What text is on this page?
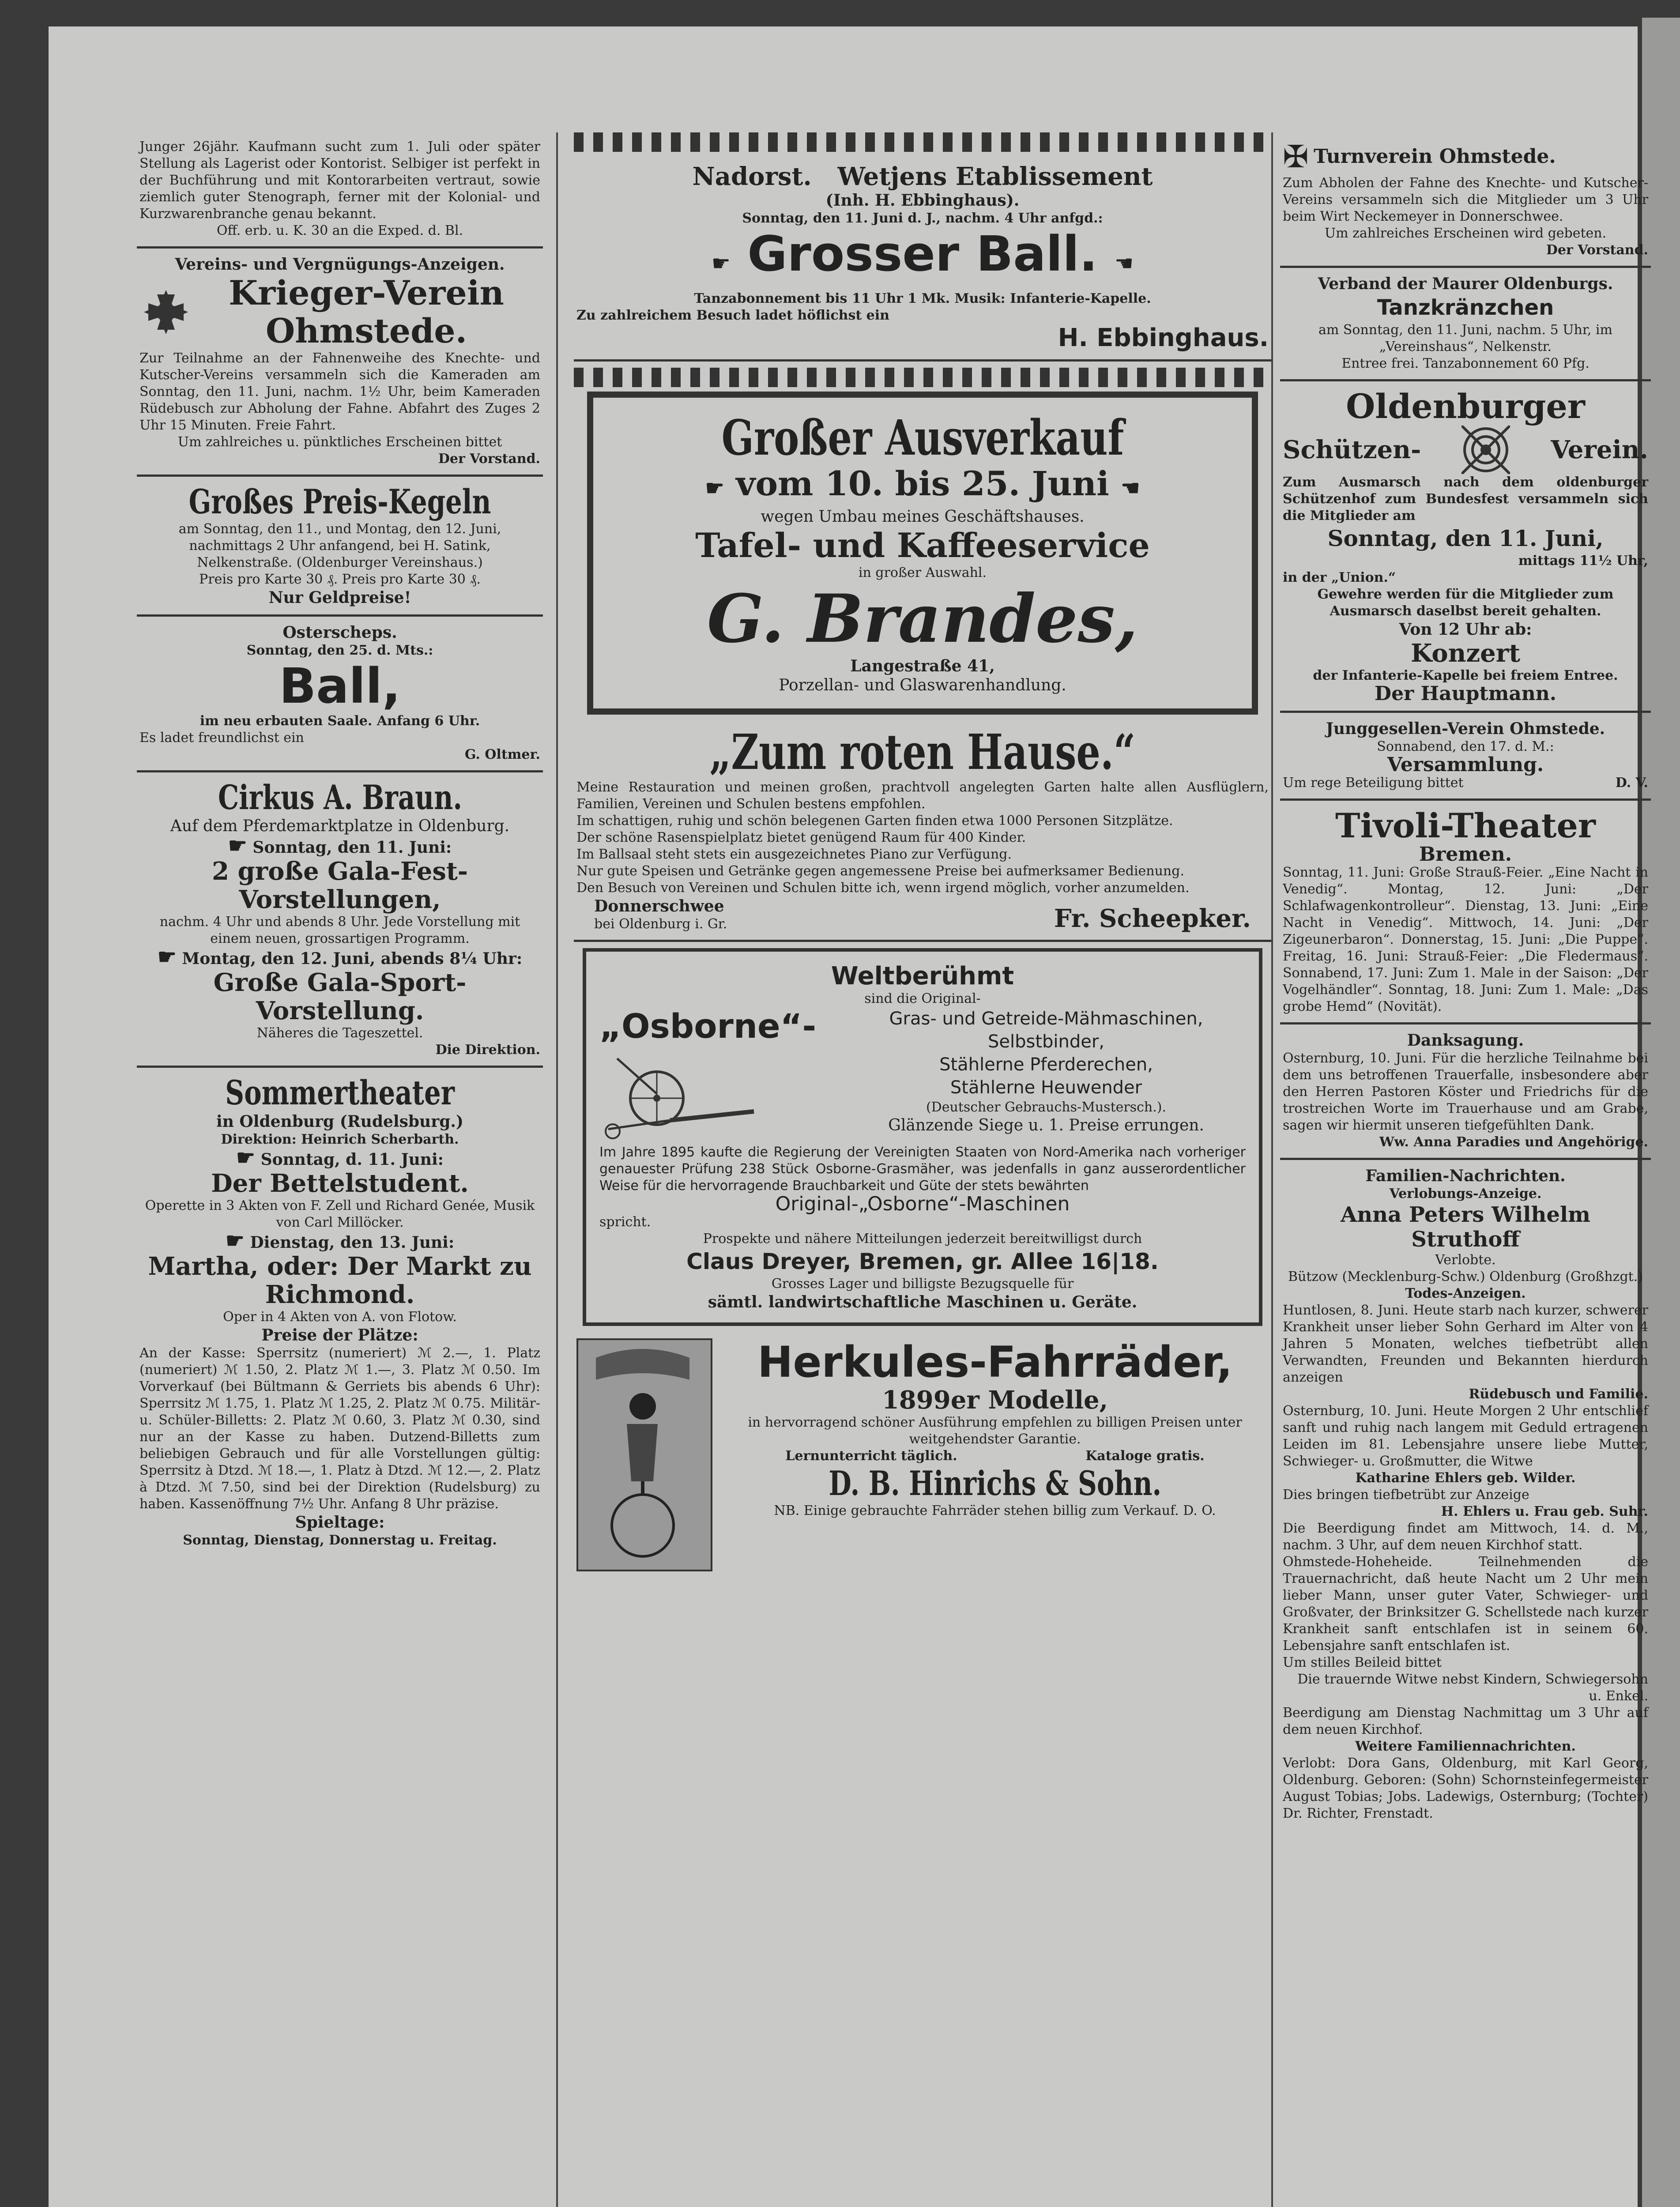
Junger 26jähr. Kaufmann sucht zum 1. Juli oder später Stellung als Lagerist oder Kontorist. Selbiger ist perfekt in der Buchführung und mit Kontorarbeiten vertraut, sowie ziemlich guter Stenograph, ferner mit der Kolonial- und Kurzwarenbranche genau bekannt.
Off. erb. u. K. 30 an die Exped. d. Bl.
Vereins- und Vergnügungs-Anzeigen.
Krieger-Verein Ohmstede.
Zur Teilnahme an der Fahnenweihe des Knechte- und Kutscher-Vereins versammeln sich die Kameraden am Sonntag, den 11. Juni, nachm. 1½ Uhr, beim Kameraden Rüdebusch zur Abholung der Fahne. Abfahrt des Zuges 2 Uhr 15 Minuten. Freie Fahrt.
Um zahlreiches u. pünktliches Erscheinen bittet
Der Vorstand.
Großes Preis-Kegeln
am Sonntag, den 11., und Montag, den 12. Juni, nachmittags 2 Uhr anfangend, bei H. Satink, Nelkenstraße. (Oldenburger Vereinshaus.)
Preis pro Karte 30 ₰. Preis pro Karte 30 ₰.
Nur Geldpreise!
Osterscheps.
Sonntag, den 25. d. Mts.:
Ball,
im neu erbauten Saale. Anfang 6 Uhr.
Es ladet freundlichst ein
G. Oltmer.
Cirkus A. Braun.
Auf dem Pferdemarktplatze in Oldenburg.
☛ Sonntag, den 11. Juni:
2 große Gala-Fest-Vorstellungen,
nachm. 4 Uhr und abends 8 Uhr. Jede Vorstellung mit einem neuen, grossartigen Programm.
☛ Montag, den 12. Juni, abends 8¼ Uhr:
Große Gala-Sport-Vorstellung.
Näheres die Tageszettel.
Die Direktion.
Sommertheater
in Oldenburg (Rudelsburg.)
Direktion: Heinrich Scherbarth.
☛ Sonntag, d. 11. Juni:
Der Bettelstudent.
Operette in 3 Akten von F. Zell und Richard Genée, Musik von Carl Millöcker.
☛ Dienstag, den 13. Juni:
Martha, oder: Der Markt zu Richmond.
Oper in 4 Akten von A. von Flotow.
Preise der Plätze:
An der Kasse: Sperrsitz (numeriert) ℳ 2.—, 1. Platz (numeriert) ℳ 1.50, 2. Platz ℳ 1.—, 3. Platz ℳ 0.50. Im Vorverkauf (bei Bültmann & Gerriets bis abends 6 Uhr): Sperrsitz ℳ 1.75, 1. Platz ℳ 1.25, 2. Platz ℳ 0.75. Militär- u. Schüler-Billetts: 2. Platz ℳ 0.60, 3. Platz ℳ 0.30, sind nur an der Kasse zu haben. Dutzend-Billetts zum beliebigen Gebrauch und für alle Vorstellungen gültig: Sperrsitz à Dtzd. ℳ 18.—, 1. Platz à Dtzd. ℳ 12.—, 2. Platz à Dtzd. ℳ 7.50, sind bei der Direktion (Rudelsburg) zu haben. Kassenöffnung 7½ Uhr. Anfang 8 Uhr präzise.
Spieltage:
Sonntag, Dienstag, Donnerstag u. Freitag.
Nadorst. Wetjens Etablissement
(Inh. H. Ebbinghaus).
Sonntag, den 11. Juni d. J., nachm. 4 Uhr anfgd.:
☛ Grosser Ball. ☚
Tanzabonnement bis 11 Uhr 1 Mk. Musik: Infanterie-Kapelle.
Zu zahlreichem Besuch ladet höflichst ein
H. Ebbinghaus.
Großer Ausverkauf
☛ vom 10. bis 25. Juni ☚
wegen Umbau meines Geschäftshauses.
Tafel- und Kaffeeservice
in großer Auswahl.
G. Brandes,
Langestraße 41,
Porzellan- und Glaswarenhandlung.
„Zum roten Hause.“
Meine Restauration und meinen großen, prachtvoll angelegten Garten halte allen Ausflüglern, Familien, Vereinen und Schulen bestens empfohlen.
Im schattigen, ruhig und schön belegenen Garten finden etwa 1000 Personen Sitzplätze.
Der schöne Rasenspielplatz bietet genügend Raum für 400 Kinder.
Im Ballsaal steht stets ein ausgezeichnetes Piano zur Verfügung.
Nur gute Speisen und Getränke gegen angemessene Preise bei aufmerksamer Bedienung.
Den Besuch von Vereinen und Schulen bitte ich, wenn irgend möglich, vorher anzumelden.
Donnerschwee
bei Oldenburg i. Gr.	Fr. Scheepker.
Weltberühmt
sind die Original-
„Osborne“-	Gras- und Getreide-Mähmaschinen,
Selbstbinder,
Stählerne Pferderechen,
Stählerne Heuwender
(Deutscher Gebrauchs-Mustersch.).
Glänzende Siege u. 1. Preise errungen.
Im Jahre 1895 kaufte die Regierung der Vereinigten Staaten von Nord-Amerika nach vorheriger genauester Prüfung 238 Stück Osborne-Grasmäher, was jedenfalls in ganz ausserordentlicher Weise für die hervorragende Brauchbarkeit und Güte der stets bewährten
Original-„Osborne“-Maschinen
spricht.
Prospekte und nähere Mitteilungen jederzeit bereitwilligst durch
Claus Dreyer, Bremen, gr. Allee 16|18.
Grosses Lager und billigste Bezugsquelle für
sämtl. landwirtschaftliche Maschinen u. Geräte.
Herkules-Fahrräder,
1899er Modelle,
in hervorragend schöner Ausführung empfehlen zu billigen Preisen unter weitgehendster Garantie.
Lernunterricht täglich.	Kataloge gratis.
D. B. Hinrichs & Sohn.
NB. Einige gebrauchte Fahrräder stehen billig zum Verkauf. D. O.
✠ Turnverein Ohmstede.
Zum Abholen der Fahne des Knechte- und Kutscher-Vereins versammeln sich die Mitglieder um 3 Uhr beim Wirt Neckemeyer in Donnerschwee.
Um zahlreiches Erscheinen wird gebeten.
Der Vorstand.
Verband der Maurer Oldenburgs.
Tanzkränzchen
am Sonntag, den 11. Juni, nachm. 5 Uhr, im „Vereinshaus“, Nelkenstr.
Entree frei. Tanzabonnement 60 Pfg.
Oldenburger
Schützen-	Verein.
Zum Ausmarsch nach dem oldenburger Schützenhof zum Bundesfest versammeln sich die Mitglieder am
Sonntag, den 11. Juni,
mittags 11½ Uhr,
in der „Union.“
Gewehre werden für die Mitglieder zum Ausmarsch daselbst bereit gehalten.
Von 12 Uhr ab:
Konzert
der Infanterie-Kapelle bei freiem Entree.
Der Hauptmann.
Junggesellen-Verein Ohmstede.
Sonnabend, den 17. d. M.:
Versammlung.
Um rege Beteiligung bittet	D. V.
Tivoli-Theater
Bremen.
Sonntag, 11. Juni: Große Strauß-Feier. „Eine Nacht in Venedig“. Montag, 12. Juni: „Der Schlafwagenkontrolleur“. Dienstag, 13. Juni: „Eine Nacht in Venedig“. Mittwoch, 14. Juni: „Der Zigeunerbaron“. Donnerstag, 15. Juni: „Die Puppe“. Freitag, 16. Juni: Strauß-Feier: „Die Fledermaus“. Sonnabend, 17. Juni: Zum 1. Male in der Saison: „Der Vogelhändler“. Sonntag, 18. Juni: Zum 1. Male: „Das grobe Hemd“ (Novität).
Danksagung.
Osternburg, 10. Juni. Für die herzliche Teilnahme bei dem uns betroffenen Trauerfalle, insbesondere aber den Herren Pastoren Köster und Friedrichs für die trostreichen Worte im Trauerhause und am Grabe, sagen wir hiermit unseren tiefgefühlten Dank.
Ww. Anna Paradies und Angehörige.
Familien-Nachrichten.
Verlobungs-Anzeige.
Anna Peters Wilhelm Struthoff
Verlobte.
Bützow (Mecklenburg-Schw.) Oldenburg (Großhzgt.)
Todes-Anzeigen.
Huntlosen, 8. Juni. Heute starb nach kurzer, schwerer Krankheit unser lieber Sohn Gerhard im Alter von 4 Jahren 5 Monaten, welches tiefbetrübt allen Verwandten, Freunden und Bekannten hierdurch anzeigen
Rüdebusch und Familie.
Osternburg, 10. Juni. Heute Morgen 2 Uhr entschlief sanft und ruhig nach langem mit Geduld ertragenen Leiden im 81. Lebensjahre unsere liebe Mutter, Schwieger- u. Großmutter, die Witwe
Katharine Ehlers geb. Wilder.
Dies bringen tiefbetrübt zur Anzeige
H. Ehlers u. Frau geb. Suhr.
Die Beerdigung findet am Mittwoch, 14. d. M., nachm. 3 Uhr, auf dem neuen Kirchhof statt.
Ohmstede-Hoheheide. Teilnehmenden die Trauernachricht, daß heute Nacht um 2 Uhr mein lieber Mann, unser guter Vater, Schwieger- und Großvater, der Brinksitzer G. Schellstede nach kurzer Krankheit sanft entschlafen ist in seinem 60. Lebensjahre sanft entschlafen ist.
Um stilles Beileid bittet
Die trauernde Witwe nebst Kindern, Schwiegersohn u. Enkel.
Beerdigung am Dienstag Nachmittag um 3 Uhr auf dem neuen Kirchhof.
Weitere Familiennachrichten.
Verlobt: Dora Gans, Oldenburg, mit Karl Georg, Oldenburg. Geboren: (Sohn) Schornsteinfegermeister August Tobias; Jobs. Ladewigs, Osternburg; (Tochter) Dr. Richter, Frenstadt.
